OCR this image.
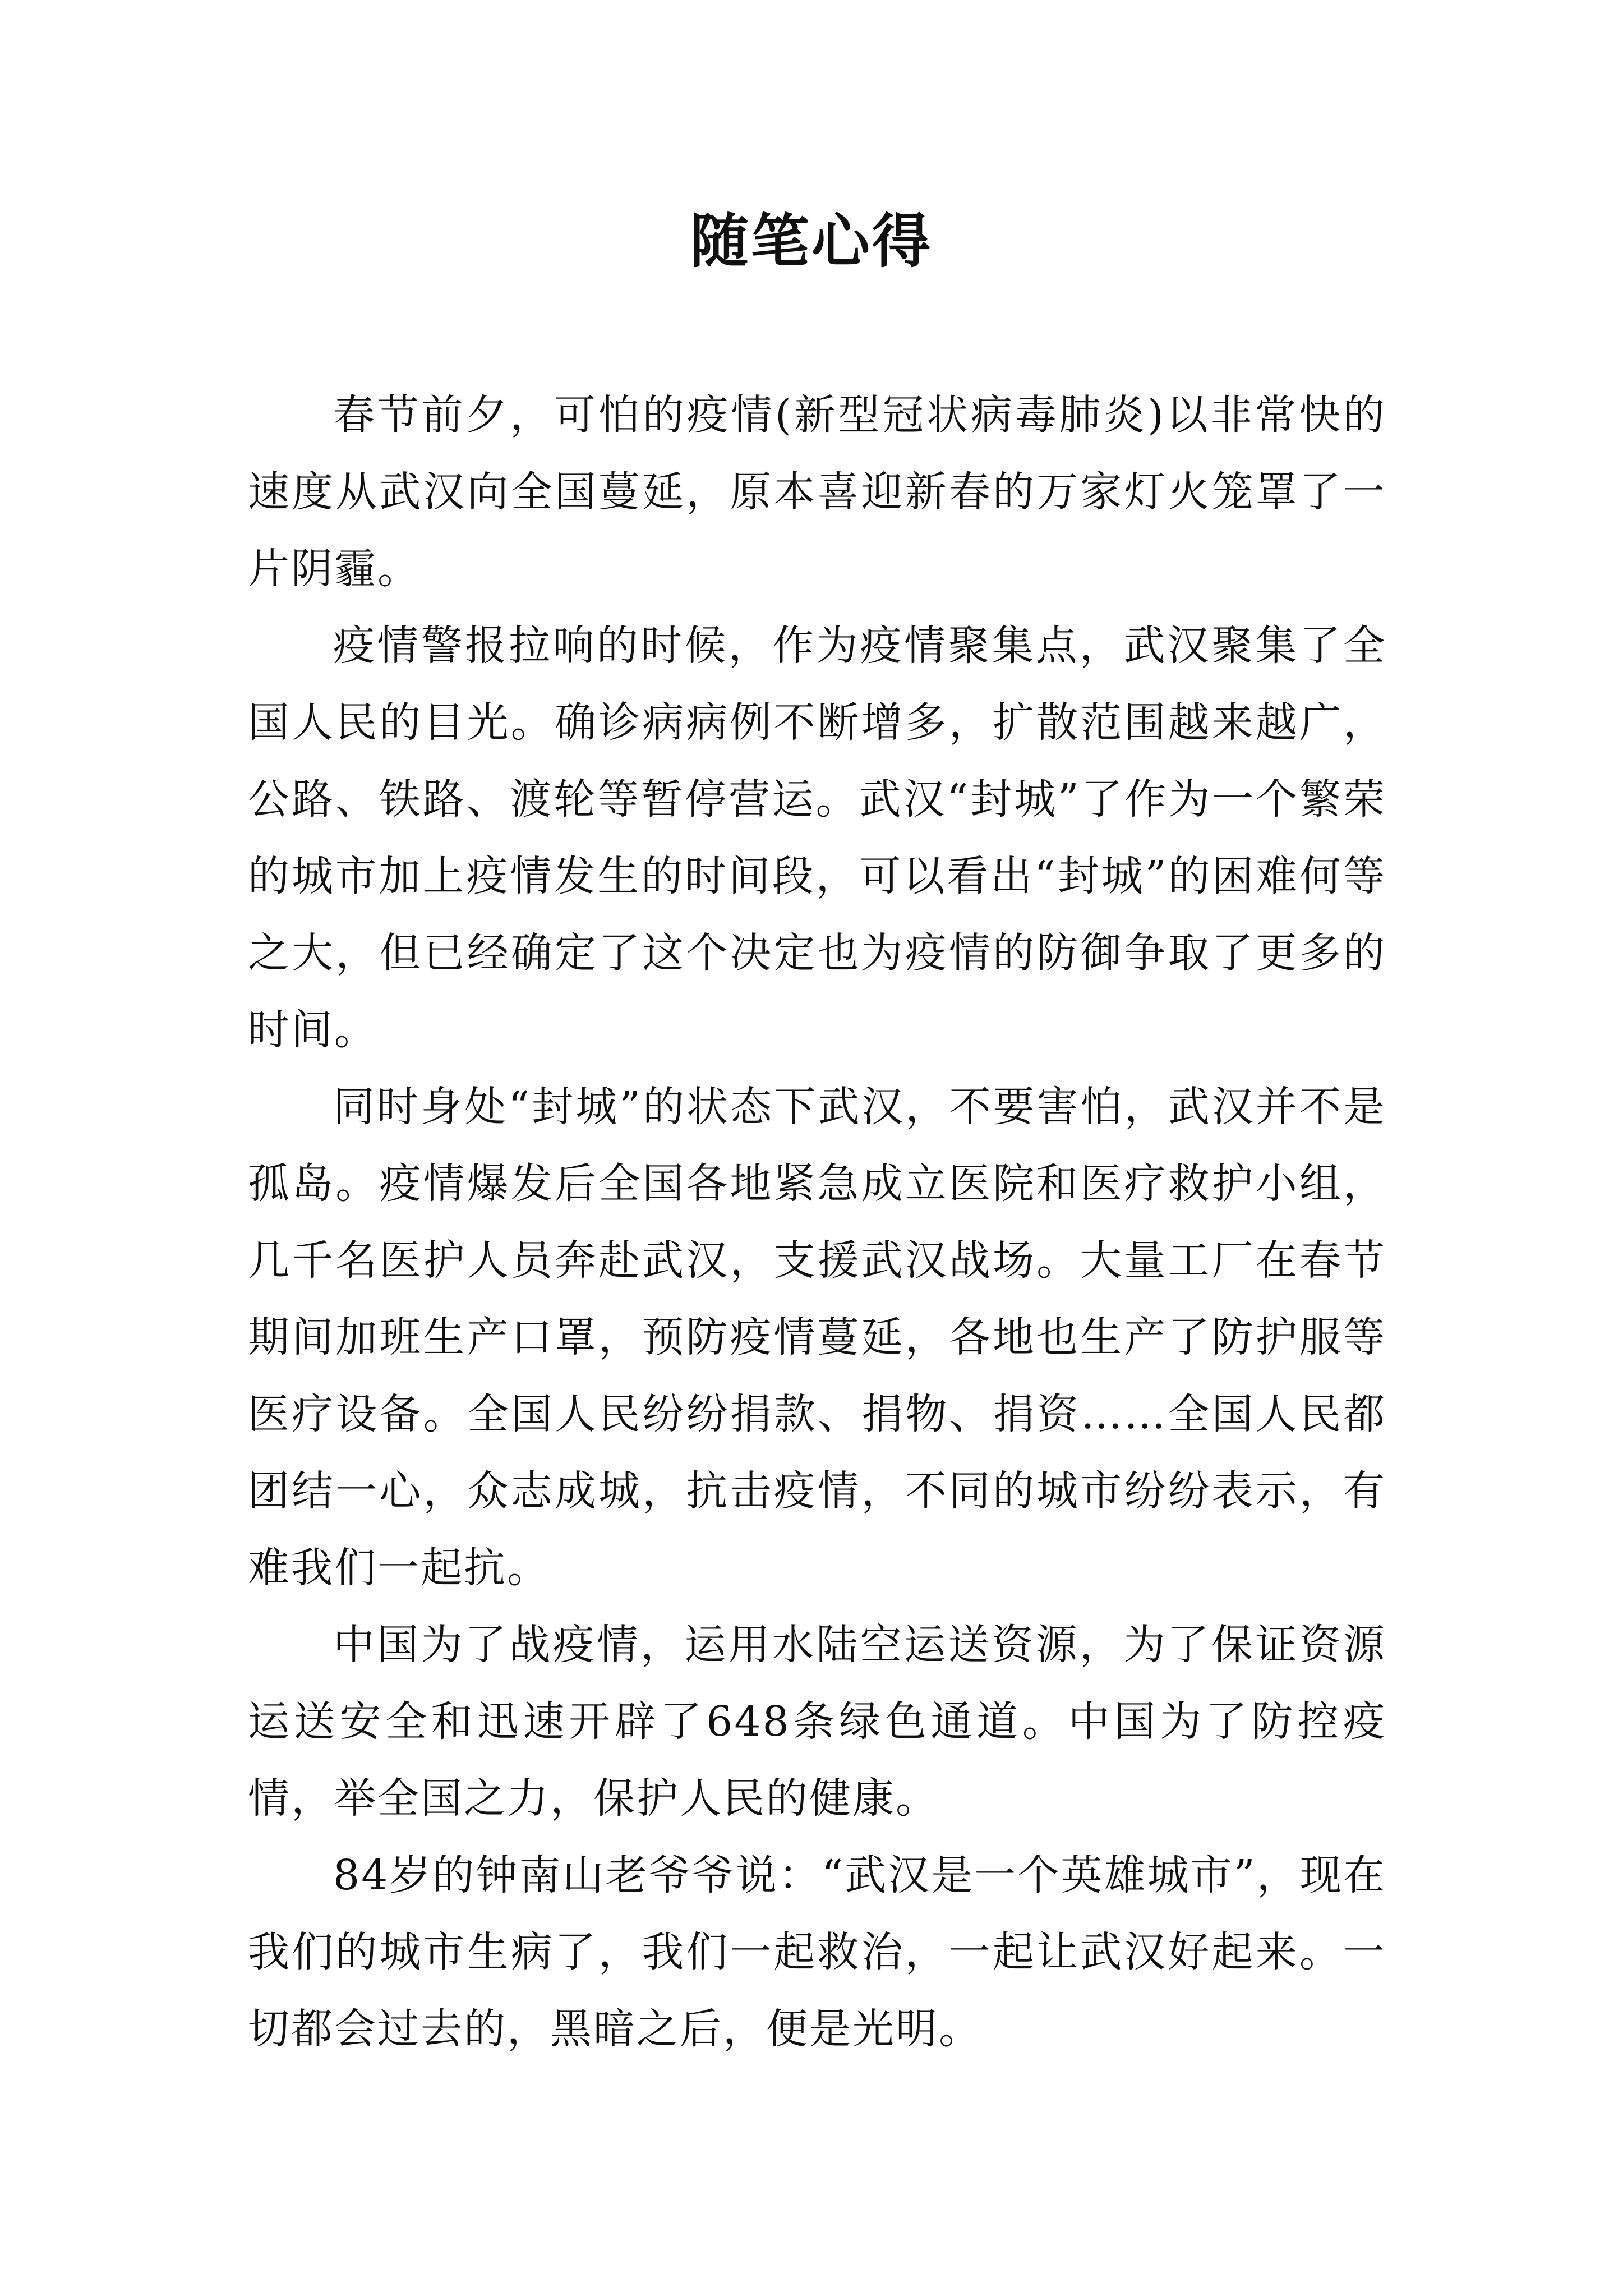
随笔心得

春节前夕，可怕的疫情(新型冠状病毒肺炎)以非常快的速度从武汉向全国蔓延，原本喜迎新春的万家灯火笼罩了一片阴霾。

疫情警报拉响的时候，作为疫情聚集点，武汉聚集了全国人民的目光。确诊病病例不断增多，扩散范围越来越广，公路、铁路、渡轮等暂停营运。武汉“封城”了作为一个繁荣的城市加上疫情发生的时间段，可以看出“封城”的困难何等之大，但已经确定了这个决定也为疫情的防御争取了更多的时间。

同时身处“封城”的状态下武汉，不要害怕，武汉并不是孤岛。疫情爆发后全国各地紧急成立医院和医疗救护小组，几千名医护人员奔赴武汉，支援武汉战场。大量工厂在春节期间加班生产口罩，预防疫情蔓延，各地也生产了防护服等医疗设备。全国人民纷纷捐款、捐物、捐资……全国人民都团结一心，众志成城，抗击疫情，不同的城市纷纷表示，有难我们一起抗。

中国为了战疫情，运用水陆空运送资源，为了保证资源运送安全和迅速开辟了648条绿色通道。中国为了防控疫情，举全国之力，保护人民的健康。

84岁的钟南山老爷爷说：“武汉是一个英雄城市”，现在我们的城市生病了，我们一起救治，一起让武汉好起来。一切都会过去的，黑暗之后，便是光明。
